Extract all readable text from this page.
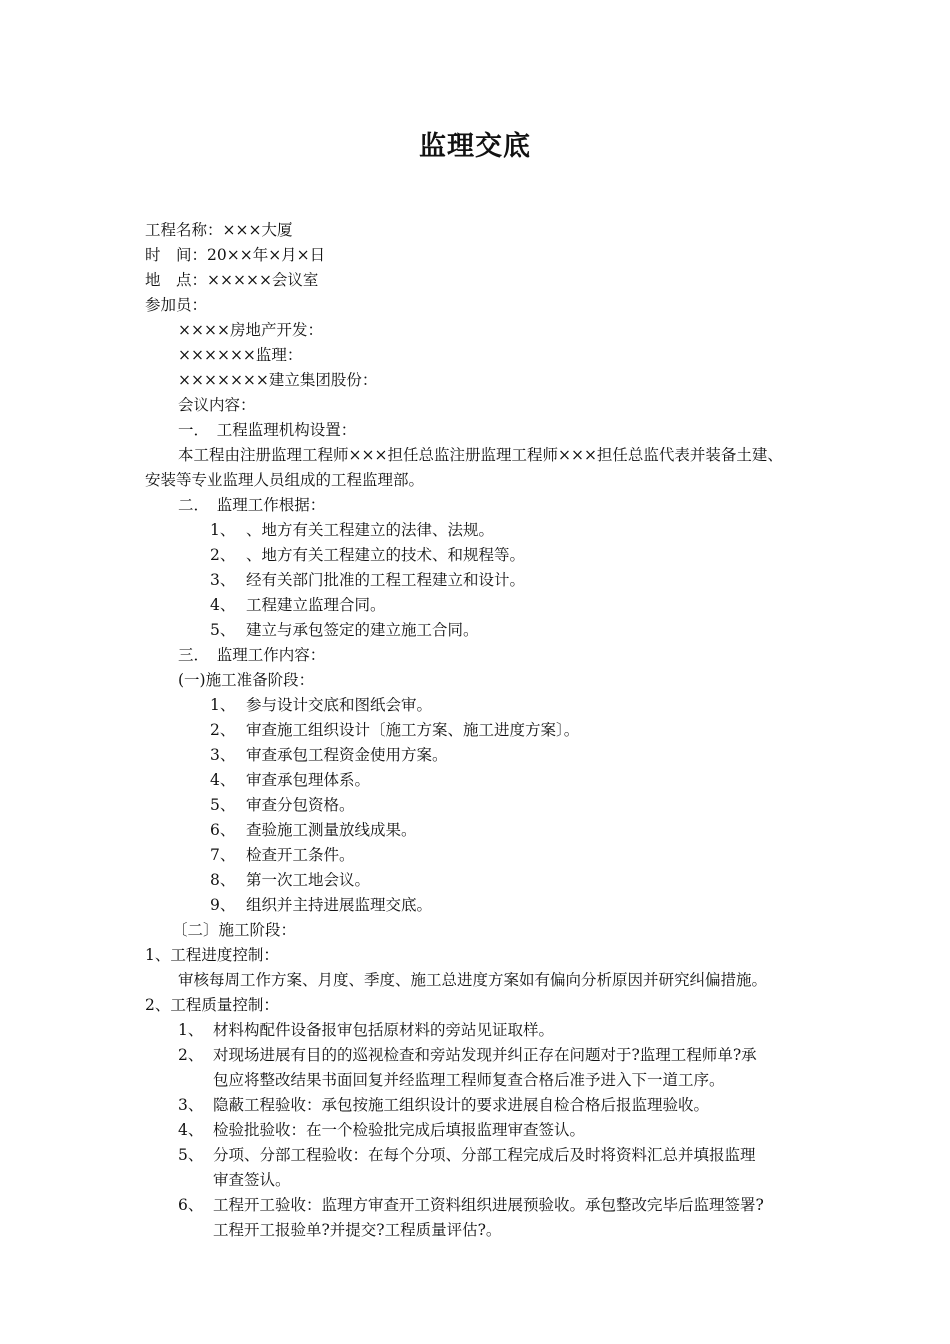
监理交底
工程名称：×××大厦
时　间：20××年×月×日
地　点：×××××会议室
参加员：
××××房地产开发：
××××××监理：
×××××××建立集团股份：
会议内容：
一．　工程监理机构设置：
本工程由注册监理工程师×××担任总监注册监理工程师×××担任总监代表并装备土建、
安装等专业监理人员组成的工程监理部。
二．　监理工作根据：
1、 、地方有关工程建立的法律、法规。
2、 、地方有关工程建立的技术、和规程等。
3、 经有关部门批准的工程工程建立和设计。
4、 工程建立监理合同。
5、 建立与承包签定的建立施工合同。
三．　监理工作内容：
(一)施工准备阶段：
1、 参与设计交底和图纸会审。
2、 审查施工组织设计〔施工方案、施工进度方案〕。
3、 审查承包工程资金使用方案。
4、 审查承包理体系。
5、 审查分包资格。
6、 查验施工测量放线成果。
7、 检查开工条件。
8、 第一次工地会议。
9、 组织并主持进展监理交底。
〔二〕施工阶段：
1、工程进度控制：
审核每周工作方案、月度、季度、施工总进度方案如有偏向分析原因并研究纠偏措施。
2、工程质量控制：
1、 材料构配件设备报审包括原材料的旁站见证取样。
2、 对现场进展有目的的巡视检查和旁站发现并纠正存在问题对于?监理工程师单?承
包应将整改结果书面回复并经监理工程师复查合格后准予进入下一道工序。
3、 隐蔽工程验收：承包按施工组织设计的要求进展自检合格后报监理验收。
4、 检验批验收：在一个检验批完成后填报监理审查签认。
5、 分项、分部工程验收：在每个分项、分部工程完成后及时将资料汇总并填报监理
审查签认。
6、 工程开工验收：监理方审查开工资料组织进展预验收。承包整改完毕后监理签署?
工程开工报验单?并提交?工程质量评估?。
